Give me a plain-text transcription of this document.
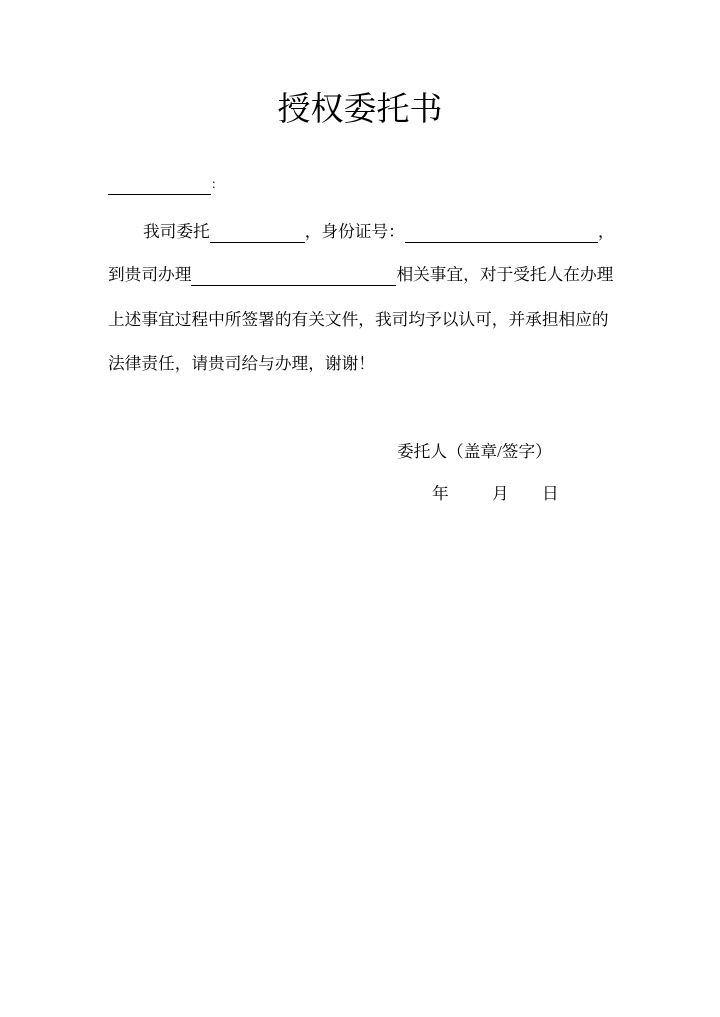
授权委托书
：
我司委托	，身份证号：	，
到贵司办理	相关事宜，对于受托人在办理
上述事宜过程中所签署的有关文件，我司均予以认可，并承担相应的
法律责任，请贵司给与办理，谢谢！
委托人（盖章/签字）
年	月 日
